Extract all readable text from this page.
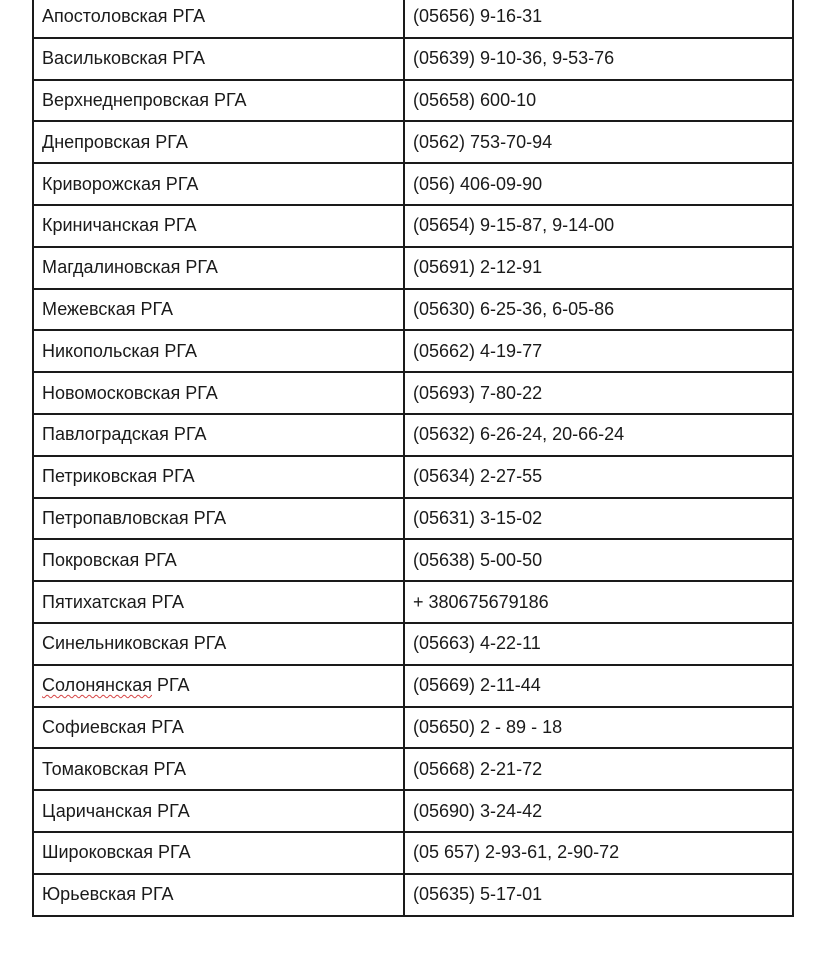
Апостоловская РГА	(05656) 9-16-31
Васильковская РГА	(05639) 9-10-36, 9-53-76
Верхнеднепровская РГА	(05658) 600-10
Днепровская РГА	(0562) 753-70-94
Криворожская РГА	(056) 406-09-90
Криничанская РГА	(05654) 9-15-87, 9-14-00
Магдалиновская РГА	(05691) 2-12-91
Межевская РГА	(05630) 6-25-36, 6-05-86
Никопольская РГА	(05662) 4-19-77
Новомосковская РГА	(05693) 7-80-22
Павлоградская РГА	(05632) 6-26-24, 20-66-24
Петриковская РГА	(05634) 2-27-55
Петропавловская РГА	(05631) 3-15-02
Покровская РГА	(05638) 5-00-50
Пятихатская РГА	+ 380675679186
Синельниковская РГА	(05663) 4-22-11
Солонянская РГА	(05669) 2-11-44
Софиевская РГА	(05650) 2 - 89 - 18
Томаковская РГА	(05668) 2-21-72
Царичанская РГА	(05690) 3-24-42
Широковская РГА	(05 657) 2-93-61, 2-90-72
Юрьевская РГА	(05635) 5-17-01
